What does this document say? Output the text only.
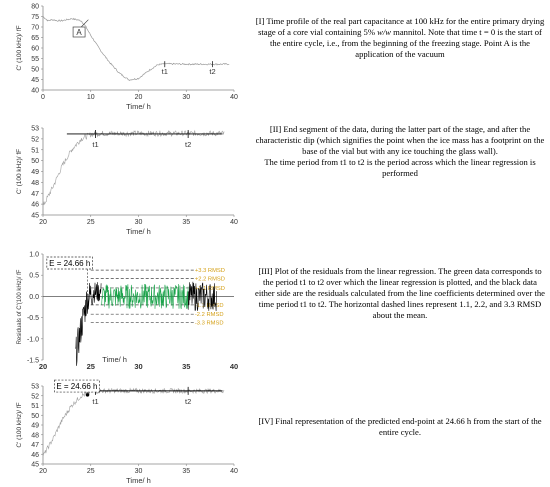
0	10	20	30	40
40
45
50
55
60
65
70
75
80
Time/ h
C' (100 kHz)/ fF	A
t1	t2

[I] Time profile of the real part capacitance at 100 kHz for the entire primary drying stage of a core vial containing 5% w/w mannitol. Note that time t = 0 is the start of the entire cycle, i.e., from the beginning of the freezing stage. Point A is the application of the vacuum

20	25	30	35	40
45
46
47
48
49
50
51
52
53
Time/ h
C' (100 kHz)/ fF
t1	t2

[II] End segment of the data, during the latter part of the stage, and after the characteristic dip (which signifies the point when the ice mass has a footprint on the base of the vial but with any ice touching the glass wall).

The time period from t1 to t2 is the period across which the linear regression is performed

-1.5
-1.0
-0.5
0.0
0.5
1.0
20	25	30	35	40
Time/ h
Residuals of C'(100 kHz)/ fF	+3.3 RMSD
+2.2 RMSD
+1.1 RMSD
-1.1 RMSD
-2.2 RMSD
-3.3 RMSD
E = 24.66 h

[III] Plot of the residuals from the linear regression. The green data corresponds to the period t1 to t2 over which the linear regression is plotted, and the black data either side are the residuals calculated from the line coefficients determined over the time period t1 to t2. The horizontal dashed lines represent 1.1, 2.2, and 3.3 RMSD about the mean.

20	25	30	35	40
45
46
47
48
49
50
51
52
53
Time/ h
C' (100 kHz)/ fF
t1	t2
E = 24.66 h

[IV] Final representation of the predicted end-point at 24.66 h from the start of the entire cycle.
